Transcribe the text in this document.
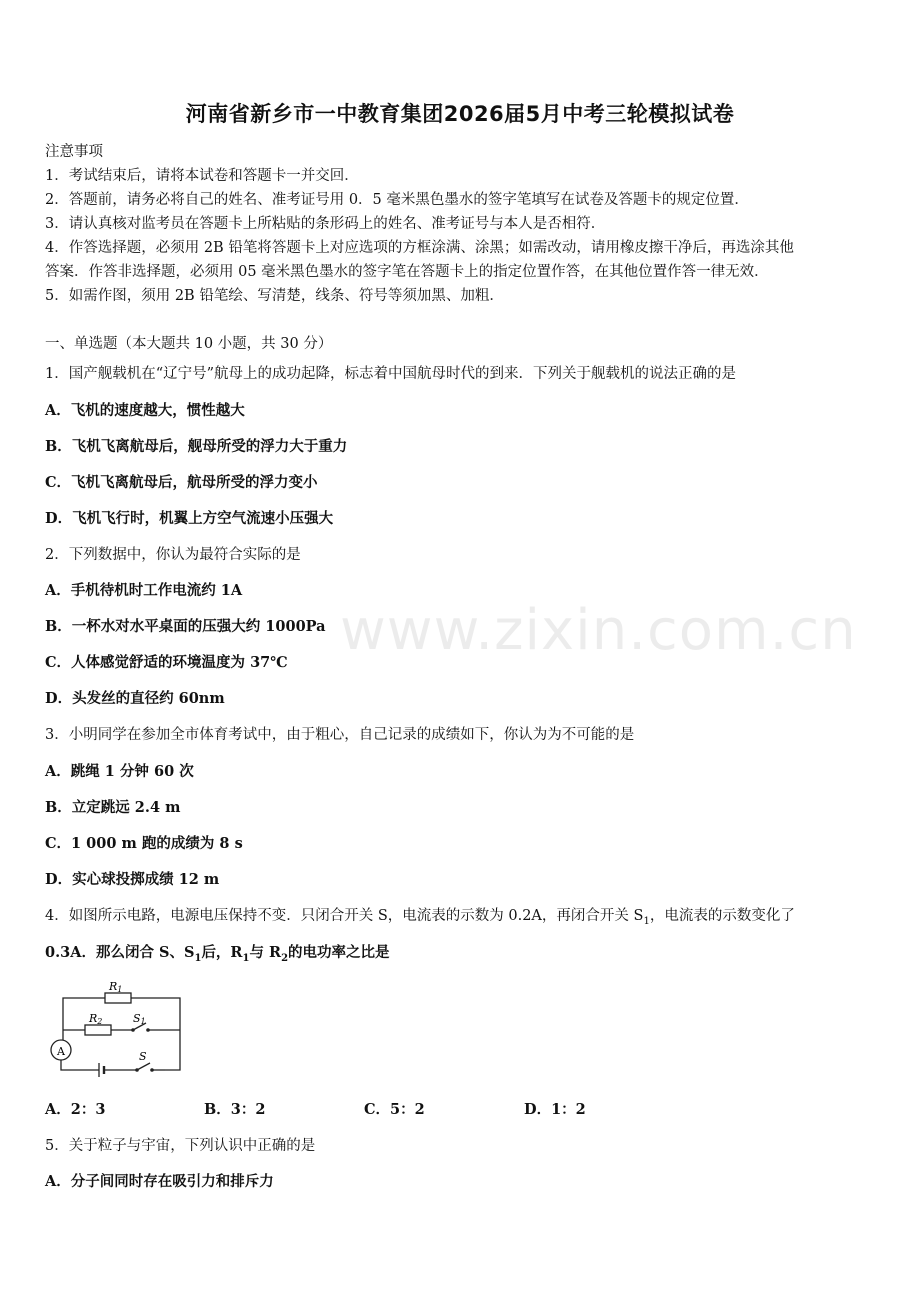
河南省新乡市一中教育集团2026届5月中考三轮模拟试卷
注意事项
1．考试结束后，请将本试卷和答题卡一并交回．
2．答题前，请务必将自己的姓名、准考证号用 0．5 毫米黑色墨水的签字笔填写在试卷及答题卡的规定位置．
3．请认真核对监考员在答题卡上所粘贴的条形码上的姓名、准考证号与本人是否相符．
4．作答选择题，必须用 2B 铅笔将答题卡上对应选项的方框涂满、涂黑；如需改动，请用橡皮擦干净后，再选涂其他
答案．作答非选择题，必须用 05 毫米黑色墨水的签字笔在答题卡上的指定位置作答，在其他位置作答一律无效．
5．如需作图，须用 2B 铅笔绘、写清楚，线条、符号等须加黑、加粗．
一、单选题（本大题共 10 小题，共 30 分）
1．国产舰载机在“辽宁号”航母上的成功起降，标志着中国航母时代的到来．下列关于舰载机的说法正确的是
A．飞机的速度越大，惯性越大
B．飞机飞离航母后，舰母所受的浮力大于重力
C．飞机飞离航母后，航母所受的浮力变小
D．飞机飞行时，机翼上方空气流速小压强大
2．下列数据中，你认为最符合实际的是
A．手机待机时工作电流约 1A
B．一杯水对水平桌面的压强大约 1000Pa
C．人体感觉舒适的环境温度为 37℃
D．头发丝的直径约 60nm
www.zixin.com.cn
3．小明同学在参加全市体育考试中，由于粗心，自己记录的成绩如下，你认为为不可能的是
A．跳绳 1 分钟 60 次
B．立定跳远 2.4 m
C．1 000 m 跑的成绩为 8 s
D．实心球投掷成绩 12 m
4．如图所示电路，电源电压保持不变．只闭合开关 S，电流表的示数为 0.2A，再闭合开关 $S_1$，电流表的示数变化了
0.3A．那么闭合 S、$S_1$后，$R_1$与 $R_2$的电功率之比是
A
R1
R2	S1
S
A．2：3	B．3：2	C．5：2	D．1：2
5．关于粒子与宇宙，下列认识中正确的是
A．分子间同时存在吸引力和排斥力
